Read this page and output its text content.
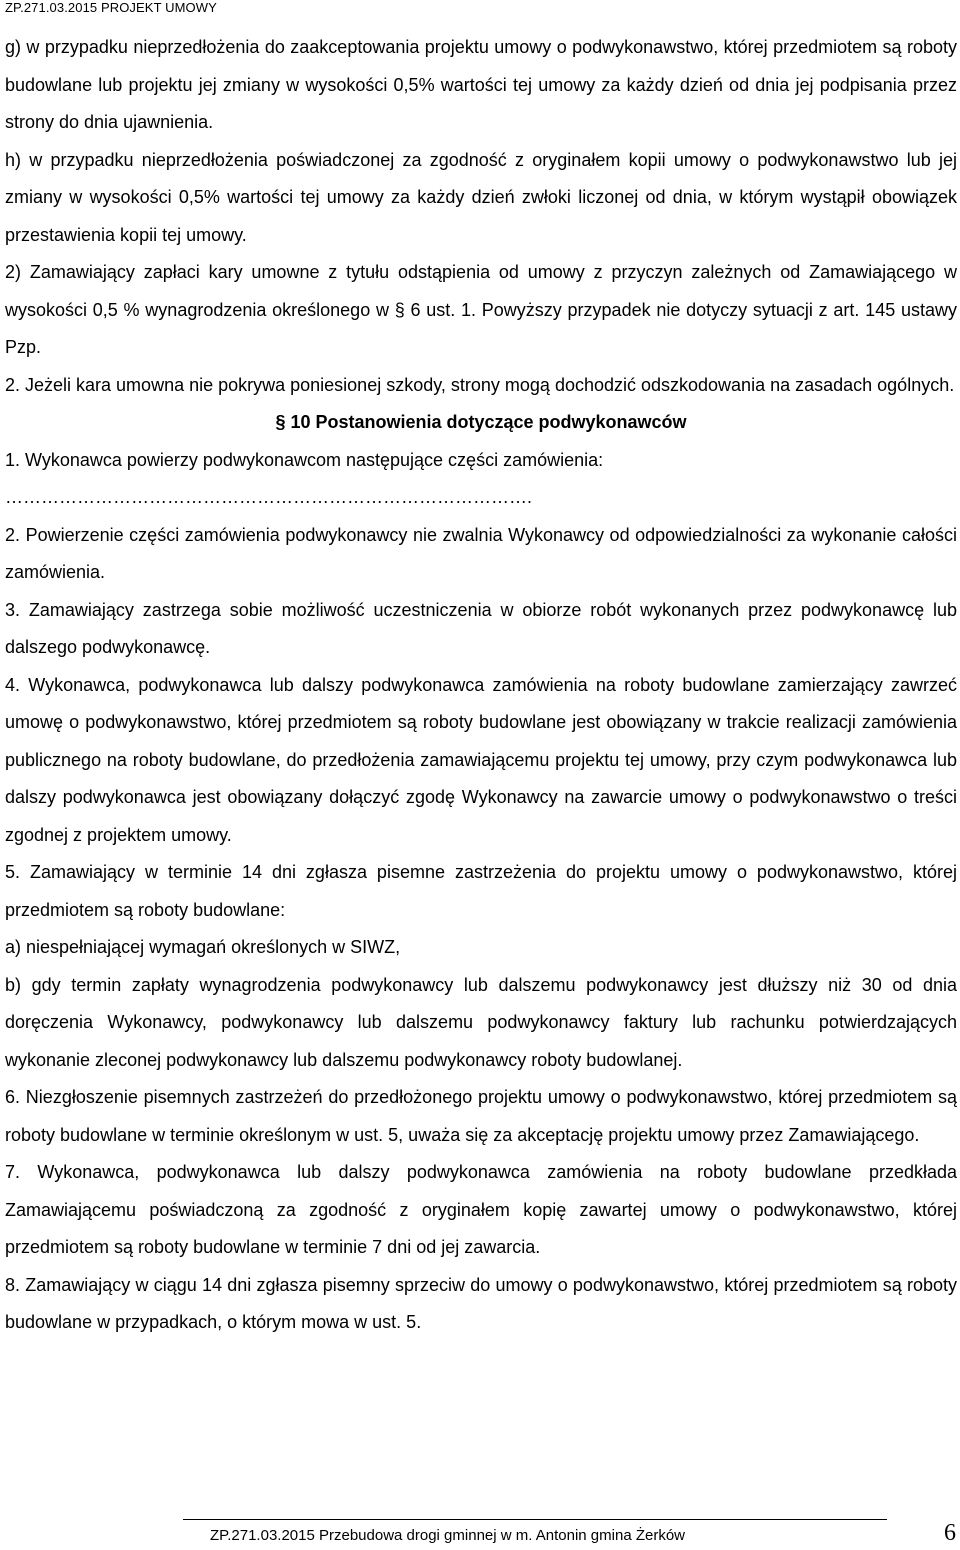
ZP.271.03.2015 PROJEKT UMOWY

g) w przypadku nieprzedłożenia do zaakceptowania projektu umowy o podwykonawstwo, której przedmiotem są roboty budowlane lub projektu jej zmiany w wysokości 0,5% wartości tej umowy za każdy dzień od dnia jej podpisania przez strony do dnia ujawnienia.

h) w przypadku nieprzedłożenia poświadczonej za zgodność z oryginałem kopii umowy o podwykonawstwo lub jej zmiany w wysokości 0,5% wartości tej umowy za każdy dzień zwłoki liczonej od dnia, w którym wystąpił obowiązek przestawienia kopii tej umowy.

2) Zamawiający zapłaci kary umowne z tytułu odstąpienia od umowy z przyczyn zależnych od Zamawiającego w wysokości 0,5 % wynagrodzenia określonego w § 6 ust. 1. Powyższy przypadek nie dotyczy sytuacji z art. 145 ustawy Pzp.

2. Jeżeli kara umowna nie pokrywa poniesionej szkody, strony mogą dochodzić odszkodowania na zasadach ogólnych.

§ 10 Postanowienia dotyczące podwykonawców

1. Wykonawca powierzy podwykonawcom następujące części zamówienia:

…………………………………………………………………………….

2. Powierzenie części zamówienia podwykonawcy nie zwalnia Wykonawcy od odpowiedzialności za wykonanie całości zamówienia.

3. Zamawiający zastrzega sobie możliwość uczestniczenia w obiorze robót wykonanych przez podwykonawcę lub dalszego podwykonawcę.

4. Wykonawca, podwykonawca lub dalszy podwykonawca zamówienia na roboty budowlane zamierzający zawrzeć umowę o podwykonawstwo, której przedmiotem są roboty budowlane jest obowiązany w trakcie realizacji zamówienia publicznego na roboty budowlane, do przedłożenia zamawiającemu projektu tej umowy, przy czym podwykonawca lub dalszy podwykonawca jest obowiązany dołączyć zgodę Wykonawcy na zawarcie umowy o podwykonawstwo o treści zgodnej z projektem umowy.

5. Zamawiający w terminie 14 dni zgłasza pisemne zastrzeżenia do projektu umowy o podwykonawstwo, której przedmiotem są roboty budowlane:

a) niespełniającej wymagań określonych w SIWZ,

b) gdy termin zapłaty wynagrodzenia podwykonawcy lub dalszemu podwykonawcy jest dłuższy niż 30 od dnia doręczenia Wykonawcy, podwykonawcy lub dalszemu podwykonawcy faktury lub rachunku potwierdzających wykonanie zleconej podwykonawcy lub dalszemu podwykonawcy roboty budowlanej.

6. Niezgłoszenie pisemnych zastrzeżeń do przedłożonego projektu umowy o podwykonawstwo, której przedmiotem są roboty budowlane w terminie określonym w ust. 5, uważa się za akceptację projektu umowy przez Zamawiającego.

7. Wykonawca, podwykonawca lub dalszy podwykonawca zamówienia na roboty budowlane przedkłada Zamawiającemu poświadczoną za zgodność z oryginałem kopię zawartej umowy o podwykonawstwo, której przedmiotem są roboty budowlane w terminie 7 dni od jej zawarcia.

8. Zamawiający w ciągu 14 dni zgłasza pisemny sprzeciw do umowy o podwykonawstwo, której przedmiotem są roboty budowlane w przypadkach, o którym mowa w ust. 5.

ZP.271.03.2015 Przebudowa drogi gminnej w m. Antonin gmina Żerków	6
